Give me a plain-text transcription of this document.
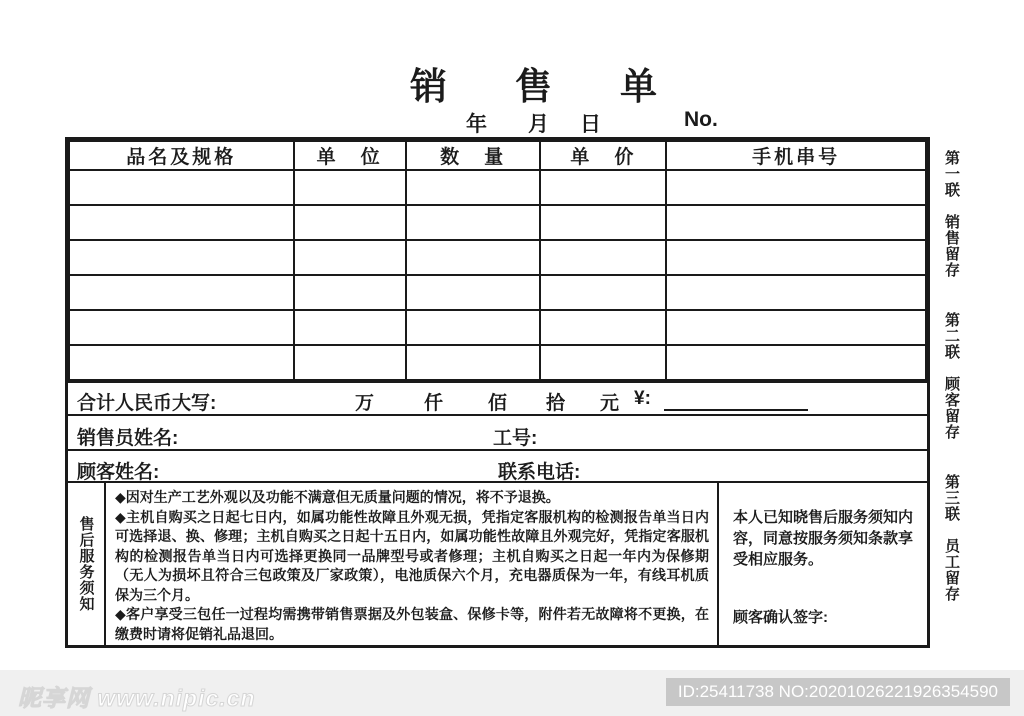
销售单
年 月 日	No.
品名及规格	单　位	数　量	单　价	手机串号

合计人民币大写:	万	仟 佰 拾 元 ¥:
销售员姓名:	工号:
顾客姓名:	联系电话:
售后服务须知

◆因对生产工艺外观以及功能不满意但无质量问题的情况，将不予退换。

◆主机自购买之日起七日内，如属功能性故障且外观无损，凭指定客服机构的检测报告单当日内可选择退、换、修理；主机自购买之日起十五日内，如属功能性故障且外观完好，凭指定客服机构的检测报告单当日内可选择更换同一品牌型号或者修理；主机自购买之日起一年内为保修期（无人为损坏且符合三包政策及厂家政策），电池质保六个月，充电器质保为一年，有线耳机质保为三个月。

◆客户享受三包任一过程均需携带销售票据及外包装盒、保修卡等，附件若无故障将不更换，在缴费时请将促销礼品退回。

本人已知晓售后服务须知内容，同意按服务须知条款享受相应服务。

顾客确认签字:

第一联　销售留存
第二联　顾客留存
第三联　员工留存
昵享网 www.nipic.cn	ID:25411738 NO:20201026221926354590
